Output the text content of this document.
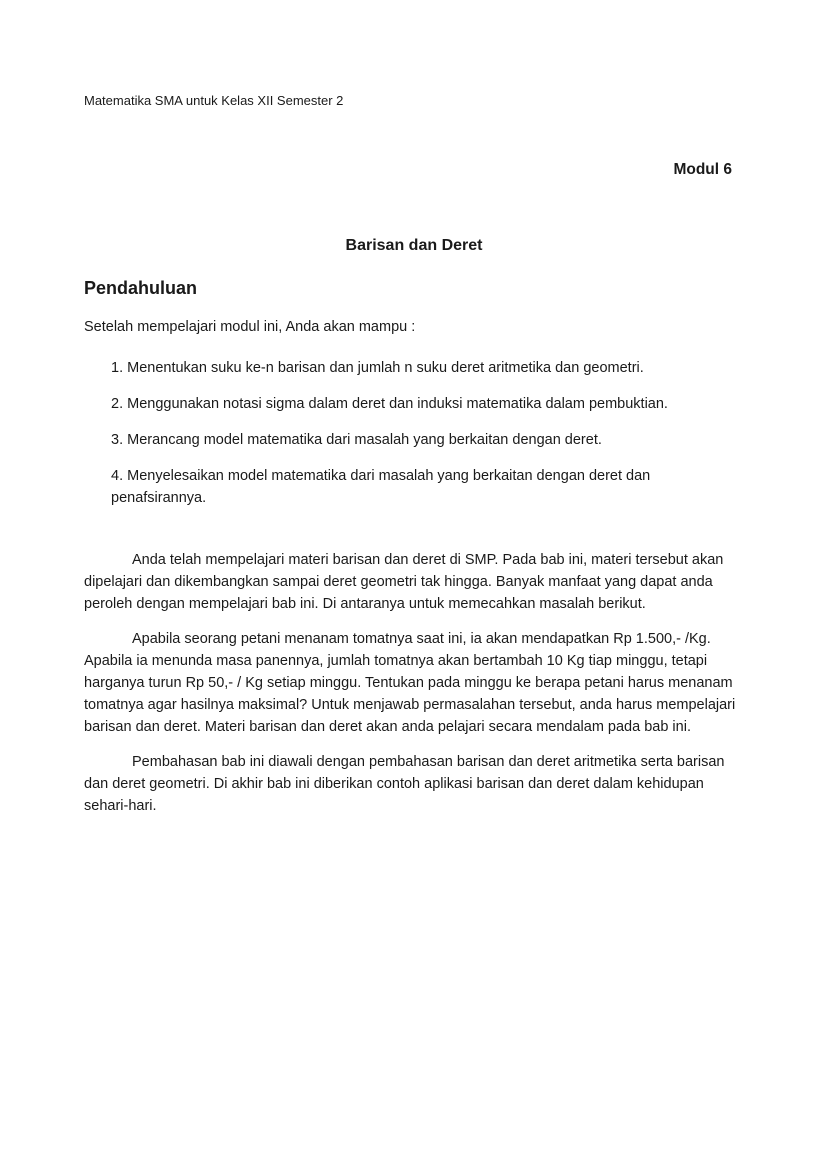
Matematika SMA untuk Kelas XII Semester 2

Modul 6

Barisan dan Deret
Pendahuluan

Setelah mempelajari modul ini, Anda akan mampu :

1. Menentukan suku ke-n barisan dan jumlah n suku deret aritmetika dan geometri.
2. Menggunakan notasi sigma dalam deret dan induksi matematika dalam pembuktian.
3. Merancang model matematika dari masalah yang berkaitan dengan deret.
4. Menyelesaikan model matematika dari masalah yang berkaitan dengan deret dan penafsirannya.

Anda telah mempelajari materi barisan dan deret di SMP. Pada bab ini, materi tersebut akan dipelajari dan dikembangkan sampai deret geometri tak hingga. Banyak manfaat yang dapat anda peroleh dengan mempelajari bab ini. Di antaranya untuk memecahkan masalah berikut.

Apabila seorang petani menanam tomatnya saat ini, ia akan mendapatkan Rp 1.500,- /Kg. Apabila ia menunda masa panennya, jumlah tomatnya akan bertambah 10 Kg tiap minggu, tetapi harganya turun Rp 50,- / Kg setiap minggu. Tentukan pada minggu ke berapa petani harus menanam tomatnya agar hasilnya maksimal? Untuk menjawab permasalahan tersebut, anda harus mempelajari barisan dan deret. Materi barisan dan deret akan anda pelajari secara mendalam pada bab ini.

Pembahasan bab ini diawali dengan pembahasan barisan dan deret aritmetika serta barisan dan deret geometri. Di akhir bab ini diberikan contoh aplikasi barisan dan deret dalam kehidupan sehari-hari.
